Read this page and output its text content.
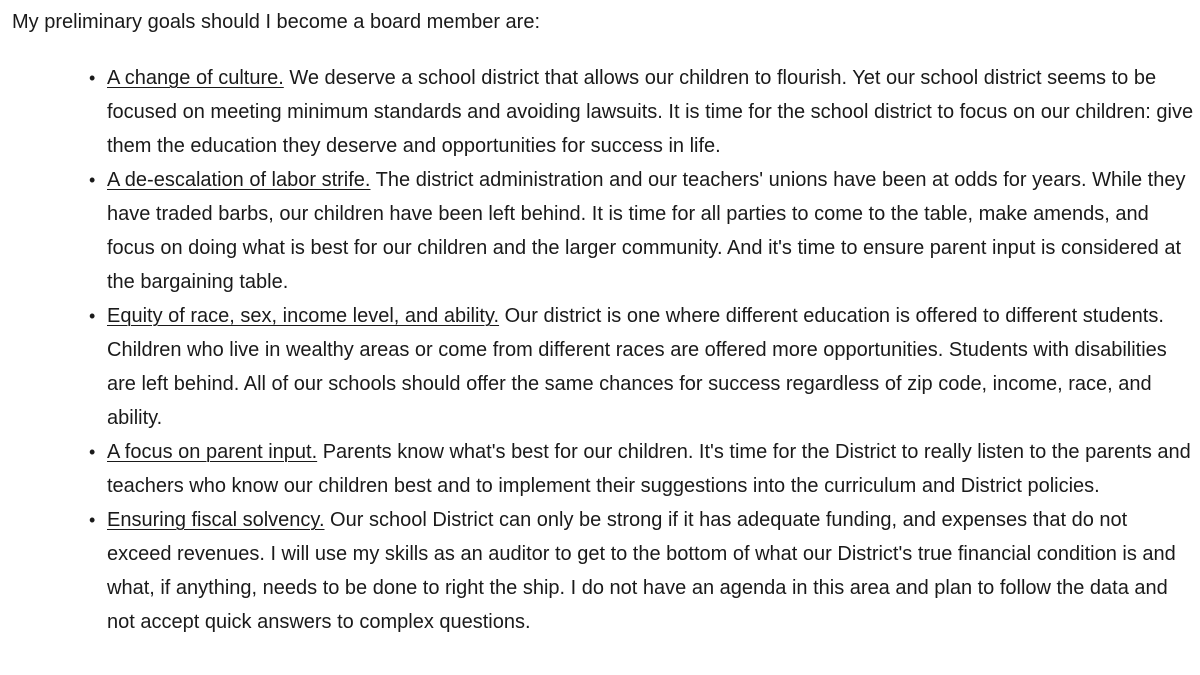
My preliminary goals should I become a board member are:

• A change of culture. We deserve a school district that allows our children to flourish. Yet our school district seems to be focused on meeting minimum standards and avoiding lawsuits. It is time for the school district to focus on our children: give them the education they deserve and opportunities for success in life.
• A de-escalation of labor strife. The district administration and our teachers' unions have been at odds for years. While they have traded barbs, our children have been left behind. It is time for all parties to come to the table, make amends, and focus on doing what is best for our children and the larger community. And it's time to ensure parent input is considered at the bargaining table.
• Equity of race, sex, income level, and ability. Our district is one where different education is offered to different students. Children who live in wealthy areas or come from different races are offered more opportunities. Students with disabilities are left behind. All of our schools should offer the same chances for success regardless of zip code, income, race, and ability.
• A focus on parent input. Parents know what's best for our children. It's time for the District to really listen to the parents and teachers who know our children best and to implement their suggestions into the curriculum and District policies.
• Ensuring fiscal solvency. Our school District can only be strong if it has adequate funding, and expenses that do not exceed revenues. I will use my skills as an auditor to get to the bottom of what our District's true financial condition is and what, if anything, needs to be done to right the ship. I do not have an agenda in this area and plan to follow the data and not accept quick answers to complex questions.
